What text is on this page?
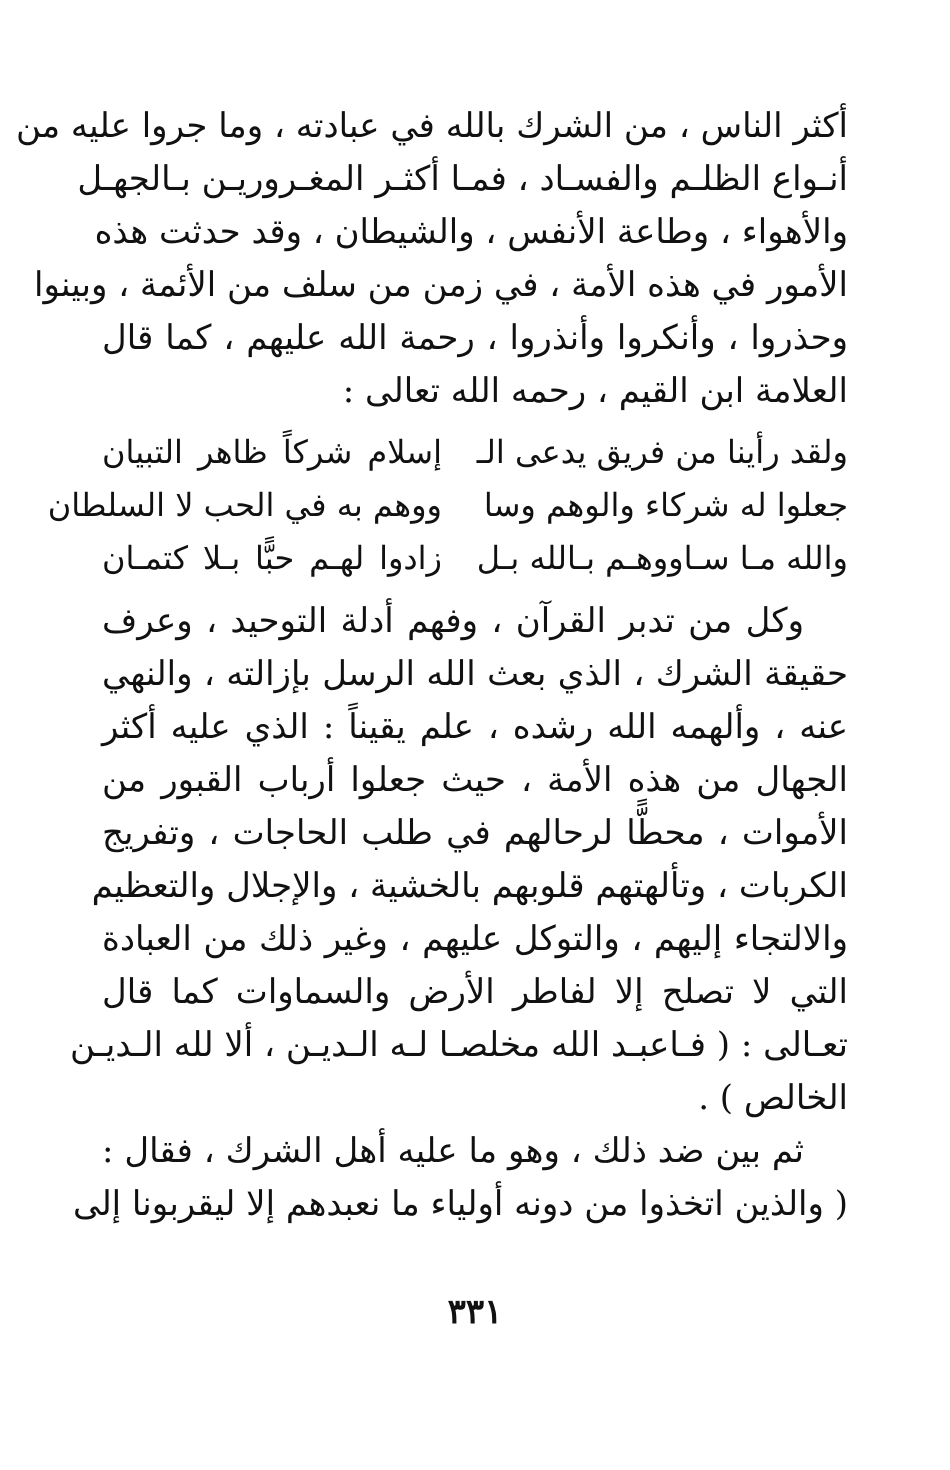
أكثر الناس ، من الشرك بالله في عبادته ، وما جروا عليه من
أنـواع الظلـم والفسـاد ، فمـا أكثـر المغـروريـن بـالجهـل
والأهواء ، وطاعة الأنفس ، والشيطان ، وقد حدثت هذه
الأمور في هذه الأمة ، في زمن من سلف من الأئمة ، وبينوا
وحذروا ، وأنكروا وأنذروا ، رحمة الله عليهم ، كما قال
العلامة ابن القيم ، رحمه الله تعالى :
ولقد رأينا من فريق يدعى الـ
إسلام شركاً ظاهر التبيان
جعلوا له شركاء والوهم وسا
ووهم به في الحب لا السلطان
والله مـا سـاووهـم بـالله بـل
زادوا لهـم حبًّا بـلا كتمـان
وكل من تدبر القرآن ، وفهم أدلة التوحيد ، وعرف
حقيقة الشرك ، الذي بعث الله الرسل بإزالته ، والنهي
عنه ، وألهمه الله رشده ، علم يقيناً : الذي عليه أكثر
الجهال من هذه الأمة ، حيث جعلوا أرباب القبور من
الأموات ، محطًّا لرحالهم في طلب الحاجات ، وتفريج
الكربات ، وتألهتهم قلوبهم بالخشية ، والإجلال والتعظيم
والالتجاء إليهم ، والتوكل عليهم ، وغير ذلك من العبادة
التي لا تصلح إلا لفاطر الأرض والسماوات كما قال
تعـالى : ( فـاعبـد الله مخلصـا لـه الـديـن ، ألا لله الـديـن
الخالص ) .
ثم بين ضد ذلك ، وهو ما عليه أهل الشرك ، فقال :
( والذين اتخذوا من دونه أولياء ما نعبدهم إلا ليقربونا إلى
٣٣١
